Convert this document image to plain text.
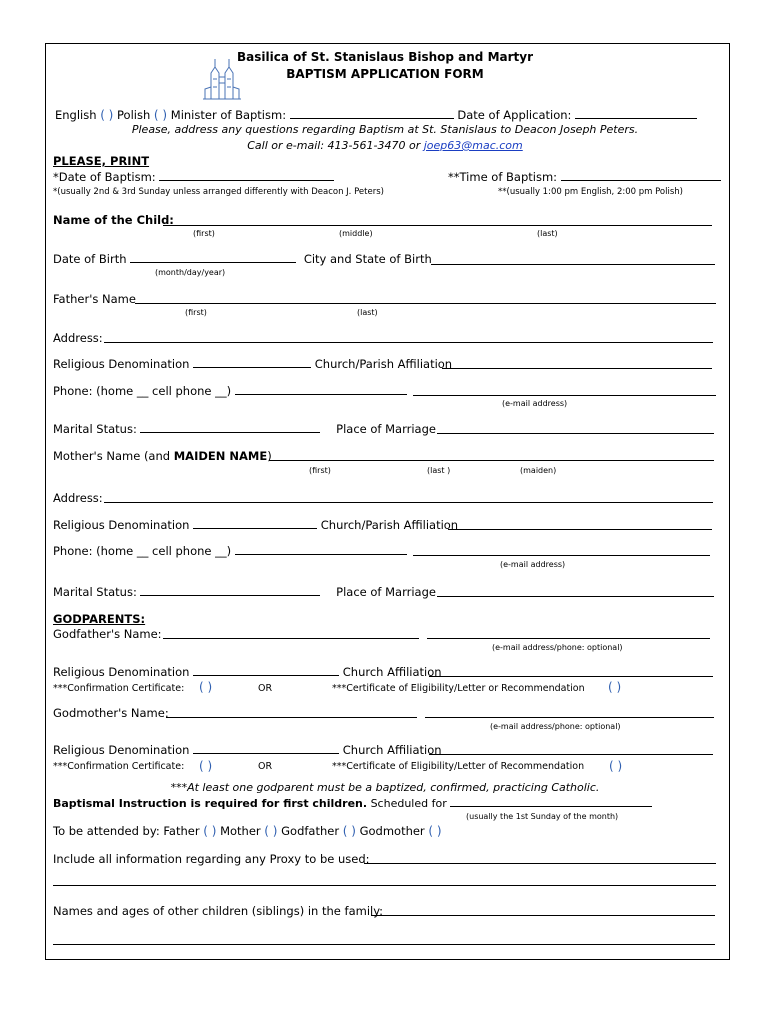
Basilica of St. Stanislaus Bishop and Martyr
BAPTISM APPLICATION FORM
English ( ) Polish ( ) Minister of Baptism:	Date of Application:
Please, address any questions regarding Baptism at St. Stanislaus to Deacon Joseph Peters.
Call or e-mail: 413-561-3470 or joep63@mac.com
PLEASE, PRINT
*Date of Baptism:	**Time of Baptism:
*(usually 2nd & 3rd Sunday unless arranged differently with Deacon J. Peters)	**(usually 1:00 pm English, 2:00 pm Polish)
Name of the Child:
(first)	(middle)	(last)
Date of Birth	City and State of Birth
(month/day/year)
Father's Name
(first)	(last)
Address:
Religious Denomination	Church/Parish Affiliation
Phone: (home __ cell phone __)
(e-mail address)
Marital Status:	Place of Marriage
Mother's Name (and MAIDEN NAME)
(first)	(last )	(maiden)
Address:
Religious Denomination	Church/Parish Affiliation
Phone: (home __ cell phone __)
(e-mail address)
Marital Status:	Place of Marriage
GODPARENTS:
Godfather's Name:
(e-mail address/phone: optional)
Religious Denomination	Church Affiliation
***Confirmation Certificate: ( )	OR	***Certificate of Eligibility/Letter or Recommendation ( )
Godmother's Name:
(e-mail address/phone: optional)
Religious Denomination	Church Affiliation
***Confirmation Certificate: ( )	OR	***Certificate of Eligibility/Letter of Recommendation ( )
***At least one godparent must be a baptized, confirmed, practicing Catholic.
Baptismal Instruction is required for first children. Scheduled for
(usually the 1st Sunday of the month)
To be attended by: Father ( ) Mother ( ) Godfather ( ) Godmother ( )
Include all information regarding any Proxy to be used:
Names and ages of other children (siblings) in the family:
